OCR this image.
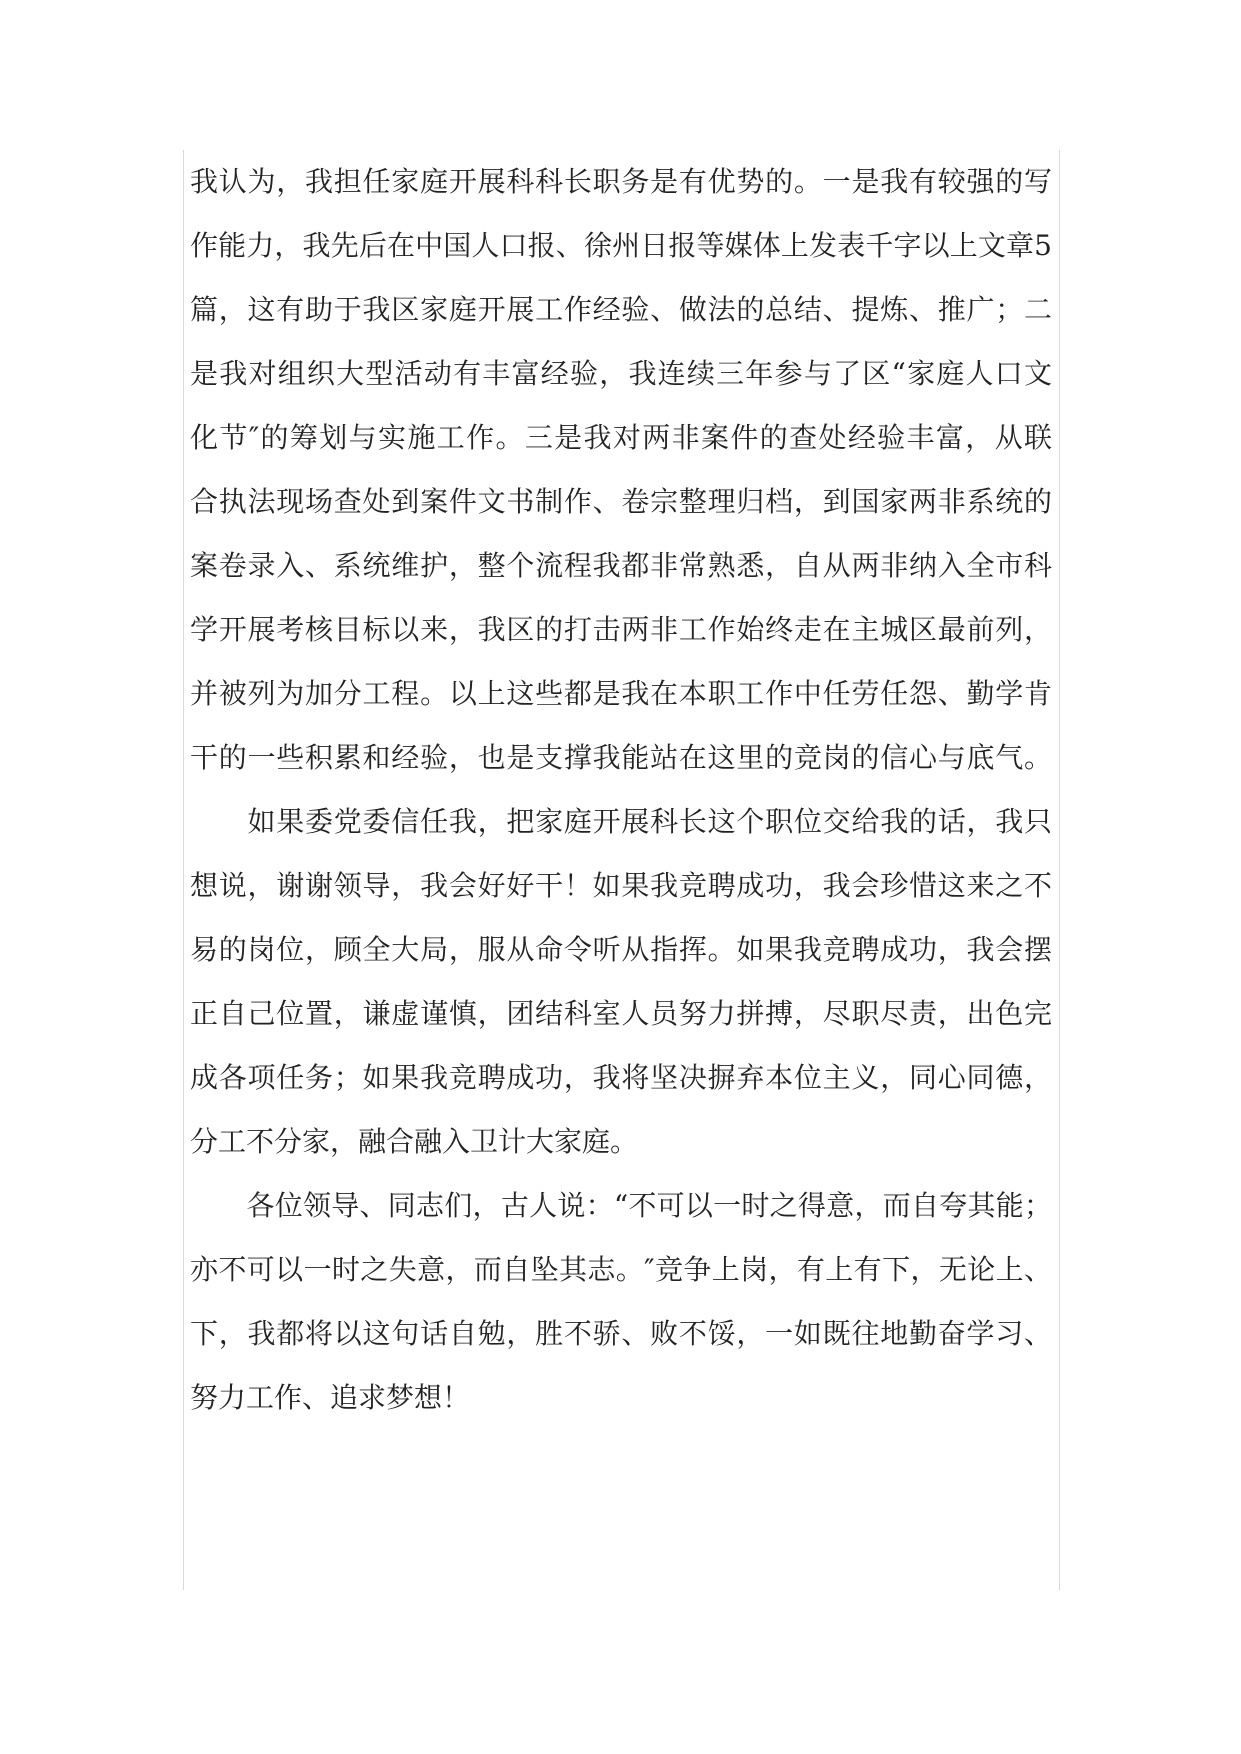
我认为，我担任家庭开展科科长职务是有优势的。一是我有较强的写
作能力，我先后在中国人口报、徐州日报等媒体上发表千字以上文章5
篇，这有助于我区家庭开展工作经验、做法的总结、提炼、推广；二
是我对组织大型活动有丰富经验，我连续三年参与了区“家庭人口文
化节″的筹划与实施工作。三是我对两非案件的查处经验丰富，从联
合执法现场查处到案件文书制作、卷宗整理归档，到国家两非系统的
案卷录入、系统维护，整个流程我都非常熟悉，自从两非纳入全市科
学开展考核目标以来，我区的打击两非工作始终走在主城区最前列，
并被列为加分工程。以上这些都是我在本职工作中任劳任怨、勤学肯
干的一些积累和经验，也是支撑我能站在这里的竞岗的信心与底气。
　　如果委党委信任我，把家庭开展科长这个职位交给我的话，我只
想说，谢谢领导，我会好好干！如果我竞聘成功，我会珍惜这来之不
易的岗位，顾全大局，服从命令听从指挥。如果我竞聘成功，我会摆
正自己位置，谦虚谨慎，团结科室人员努力拼搏，尽职尽责，出色完
成各项任务；如果我竞聘成功，我将坚决摒弃本位主义，同心同德，
分工不分家，融合融入卫计大家庭。
　　各位领导、同志们，古人说：“不可以一时之得意，而自夸其能；
亦不可以一时之失意，而自坠其志。″竞争上岗，有上有下，无论上、
下，我都将以这句话自勉，胜不骄、败不馁，一如既往地勤奋学习、
努力工作、追求梦想！
